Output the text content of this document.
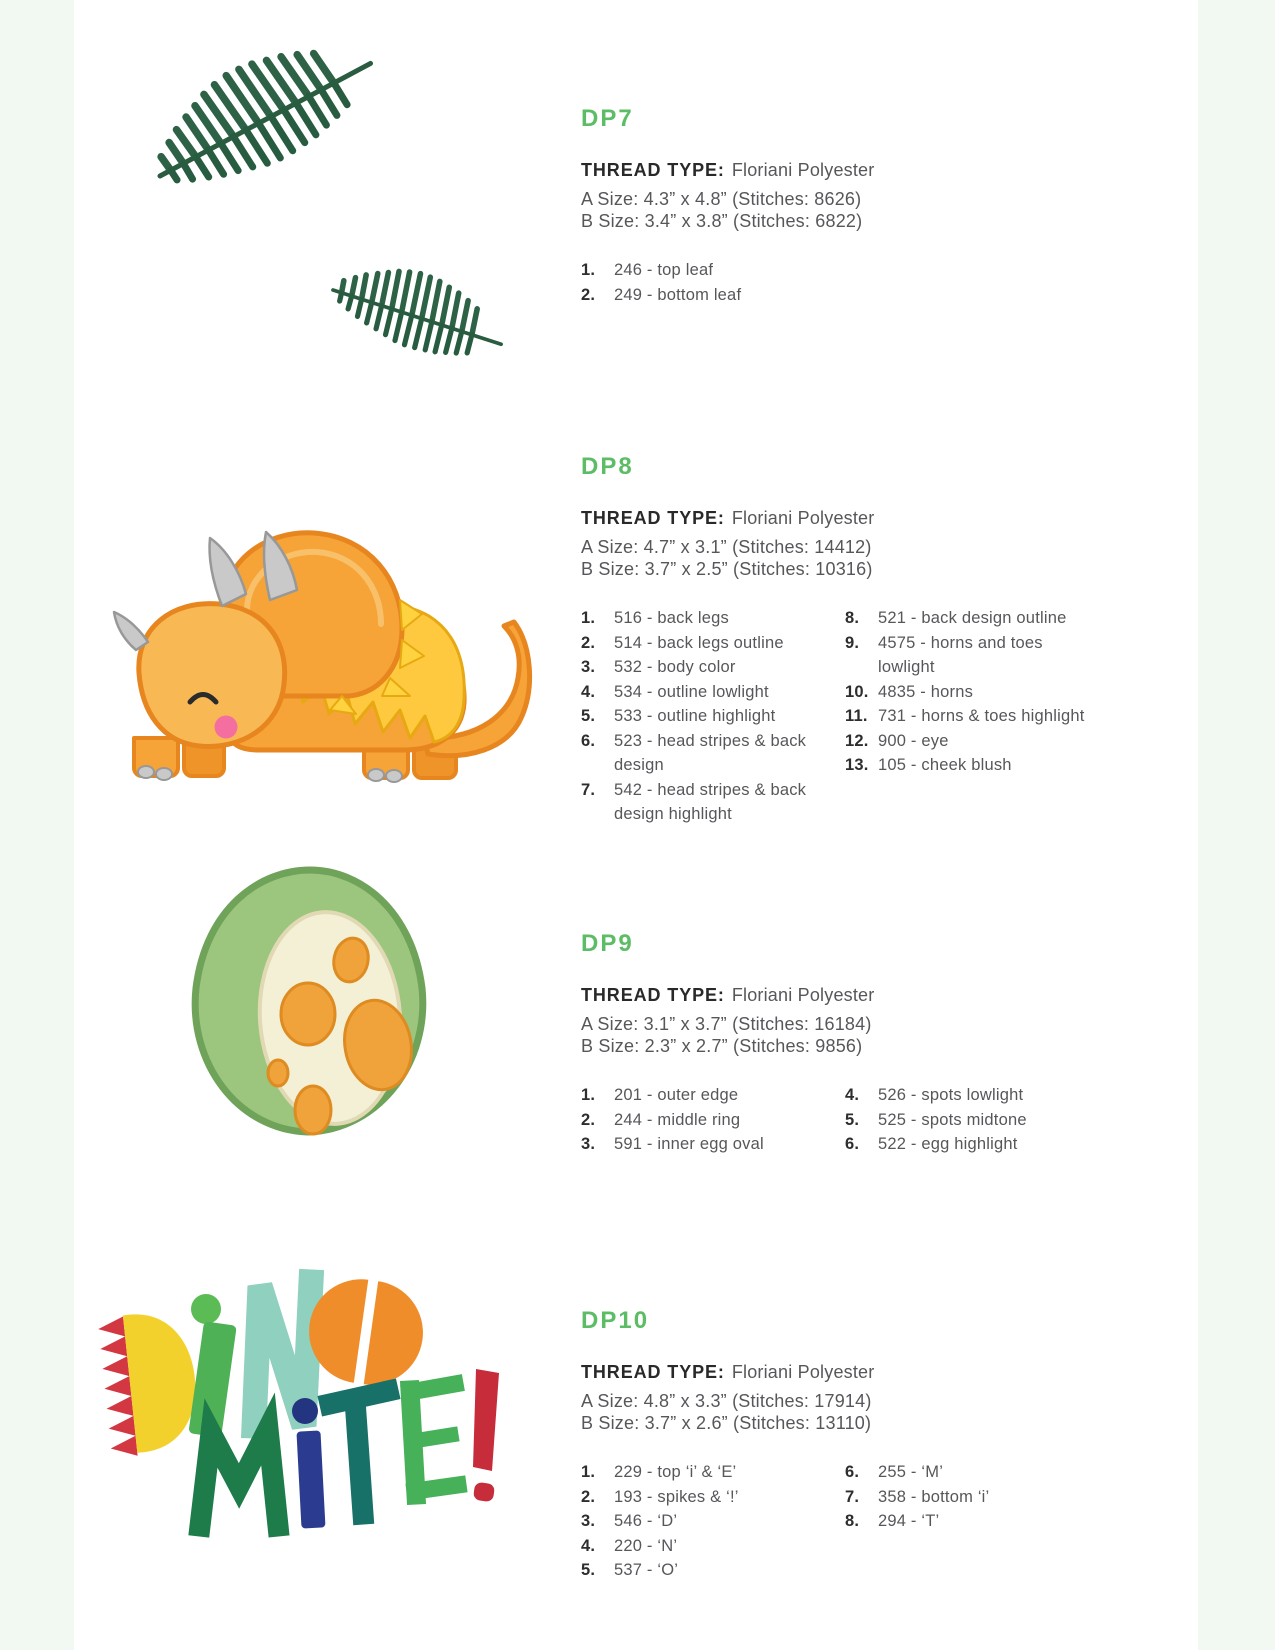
DP7

THREAD TYPE: Floriani Polyester

A Size: 4.3” x 4.8” (Stitches: 8626)

B Size: 3.4” x 3.8” (Stitches: 6822)

1.	246 - top leaf
2.	249 - bottom leaf
DP8

THREAD TYPE: Floriani Polyester

A Size: 4.7” x 3.1” (Stitches: 14412)

B Size: 3.7” x 2.5” (Stitches: 10316)

1.	516 - back legs
2.	514 - back legs outline
3.	532 - body color
4.	534 - outline lowlight
5.	533 - outline highlight
6.	523 - head stripes & back design
7.	542 - head stripes & back design highlight
8.	521 - back design outline
9.	4575 - horns and toes lowlight
10. 4835 - horns
11. 731 - horns & toes highlight
12. 900 - eye
13. 105 - cheek blush
DP9

THREAD TYPE: Floriani Polyester

A Size: 3.1” x 3.7” (Stitches: 16184)

B Size: 2.3” x 2.7” (Stitches: 9856)

1.	201 - outer edge
2.	244 - middle ring
3.	591 - inner egg oval
4.	526 - spots lowlight
5.	525 - spots midtone
6.	522 - egg highlight
DP10

THREAD TYPE: Floriani Polyester

A Size: 4.8” x 3.3” (Stitches: 17914)

B Size: 3.7” x 2.6” (Stitches: 13110)

1.	229 - top ‘i’ & ‘E’
2.	193 - spikes & ‘!’
3.	546 - ‘D’
4.	220 - ‘N’
5.	537 - ‘O’
6.	255 - ‘M’
7.	358 - bottom ‘i’
8.	294 - ‘T’
